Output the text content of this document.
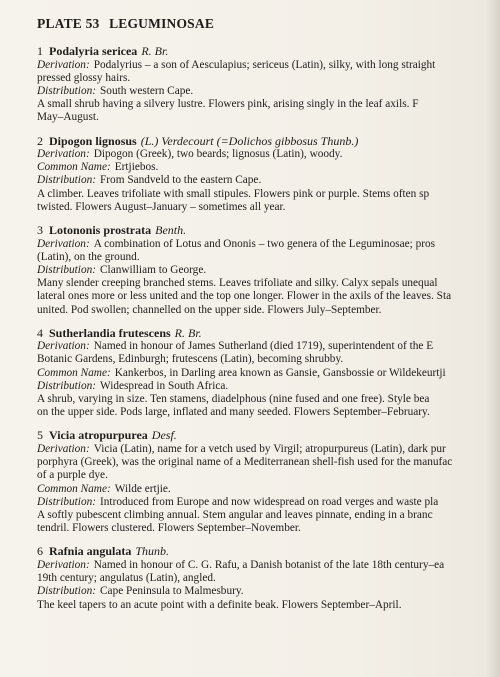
PLATE 53 LEGUMINOSAE
1 Podalyria sericea R. Br.
Derivation : Podalyrius – a son of Aesculapius; sericeus (Latin), silky, with long straight
pressed glossy hairs.
Distribution : South western Cape.
A small shrub having a silvery lustre. Flowers pink, arising singly in the leaf axils. F
May–August.
2 Dipogon lignosus (L.) Verdecourt (=Dolichos gibbosus Thunb.)
Derivation : Dipogon (Greek), two beards; lignosus (Latin), woody.
Common Name : Ertjiebos.
Distribution : From Sandveld to the eastern Cape.
A climber. Leaves trifoliate with small stipules. Flowers pink or purple. Stems often sp
twisted. Flowers August–January – sometimes all year.
3 Lotononis prostrata Benth.
Derivation : A combination of Lotus and Ononis – two genera of the Leguminosae; pros
(Latin), on the ground.
Distribution : Clanwilliam to George.
Many slender creeping branched stems. Leaves trifoliate and silky. Calyx sepals unequal
lateral ones more or less united and the top one longer. Flower in the axils of the leaves. Sta
united. Pod swollen; channelled on the upper side. Flowers July–September.
4 Sutherlandia frutescens R. Br.
Derivation : Named in honour of James Sutherland (died 1719), superintendent of the E
Botanic Gardens, Edinburgh; frutescens (Latin), becoming shrubby.
Common Name : Kankerbos, in Darling area known as Gansie, Gansbossie or Wildekeurtji
Distribution : Widespread in South Africa.
A shrub, varying in size. Ten stamens, diadelphous (nine fused and one free). Style bea
on the upper side. Pods large, inflated and many seeded. Flowers September–February.
5 Vicia atropurpurea Desf.
Derivation : Vicia (Latin), name for a vetch used by Virgil; atropurpureus (Latin), dark pur
porphyra (Greek), was the original name of a Mediterranean shell-fish used for the manufac
of a purple dye.
Common Name : Wilde ertjie.
Distribution : Introduced from Europe and now widespread on road verges and waste pla
A softly pubescent climbing annual. Stem angular and leaves pinnate, ending in a branc
tendril. Flowers clustered. Flowers September–November.
6 Rafnia angulata Thunb.
Derivation : Named in honour of C. G. Rafu, a Danish botanist of the late 18th century–ea
19th century; angulatus (Latin), angled.
Distribution : Cape Peninsula to Malmesbury.
The keel tapers to an acute point with a definite beak. Flowers September–April.
